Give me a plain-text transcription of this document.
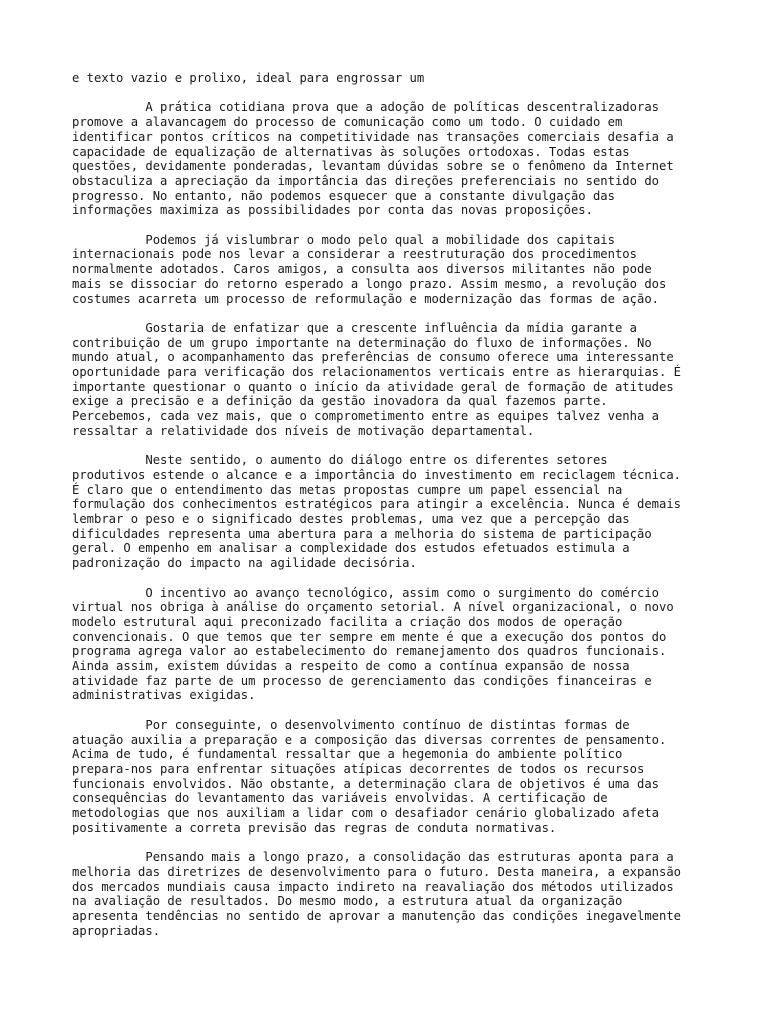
e texto vazio e prolixo, ideal para engrossar um

A prática cotidiana prova que a adoção de políticas descentralizadoras
promove a alavancagem do processo de comunicação como um todo. O cuidado em
identificar pontos críticos na competitividade nas transações comerciais desafia a
capacidade de equalização de alternativas às soluções ortodoxas. Todas estas
questões, devidamente ponderadas, levantam dúvidas sobre se o fenômeno da Internet
obstaculiza a apreciação da importância das direções preferenciais no sentido do
progresso. No entanto, não podemos esquecer que a constante divulgação das
informações maximiza as possibilidades por conta das novas proposições.

Podemos já vislumbrar o modo pelo qual a mobilidade dos capitais
internacionais pode nos levar a considerar a reestruturação dos procedimentos
normalmente adotados. Caros amigos, a consulta aos diversos militantes não pode
mais se dissociar do retorno esperado a longo prazo. Assim mesmo, a revolução dos
costumes acarreta um processo de reformulação e modernização das formas de ação.

Gostaria de enfatizar que a crescente influência da mídia garante a
contribuição de um grupo importante na determinação do fluxo de informações. No
mundo atual, o acompanhamento das preferências de consumo oferece uma interessante
oportunidade para verificação dos relacionamentos verticais entre as hierarquias. É
importante questionar o quanto o início da atividade geral de formação de atitudes
exige a precisão e a definição da gestão inovadora da qual fazemos parte.
Percebemos, cada vez mais, que o comprometimento entre as equipes talvez venha a
ressaltar a relatividade dos níveis de motivação departamental.

Neste sentido, o aumento do diálogo entre os diferentes setores
produtivos estende o alcance e a importância do investimento em reciclagem técnica.
É claro que o entendimento das metas propostas cumpre um papel essencial na
formulação dos conhecimentos estratégicos para atingir a excelência. Nunca é demais
lembrar o peso e o significado destes problemas, uma vez que a percepção das
dificuldades representa uma abertura para a melhoria do sistema de participação
geral. O empenho em analisar a complexidade dos estudos efetuados estimula a
padronização do impacto na agilidade decisória.

O incentivo ao avanço tecnológico, assim como o surgimento do comércio
virtual nos obriga à análise do orçamento setorial. A nível organizacional, o novo
modelo estrutural aqui preconizado facilita a criação dos modos de operação
convencionais. O que temos que ter sempre em mente é que a execução dos pontos do
programa agrega valor ao estabelecimento do remanejamento dos quadros funcionais.
Ainda assim, existem dúvidas a respeito de como a contínua expansão de nossa
atividade faz parte de um processo de gerenciamento das condições financeiras e
administrativas exigidas.

Por conseguinte, o desenvolvimento contínuo de distintas formas de
atuação auxilia a preparação e a composição das diversas correntes de pensamento.
Acima de tudo, é fundamental ressaltar que a hegemonia do ambiente político
prepara-nos para enfrentar situações atípicas decorrentes de todos os recursos
funcionais envolvidos. Não obstante, a determinação clara de objetivos é uma das
consequências do levantamento das variáveis envolvidas. A certificação de
metodologias que nos auxiliam a lidar com o desafiador cenário globalizado afeta
positivamente a correta previsão das regras de conduta normativas.

Pensando mais a longo prazo, a consolidação das estruturas aponta para a
melhoria das diretrizes de desenvolvimento para o futuro. Desta maneira, a expansão
dos mercados mundiais causa impacto indireto na reavaliação dos métodos utilizados
na avaliação de resultados. Do mesmo modo, a estrutura atual da organização
apresenta tendências no sentido de aprovar a manutenção das condições inegavelmente
apropriadas.
